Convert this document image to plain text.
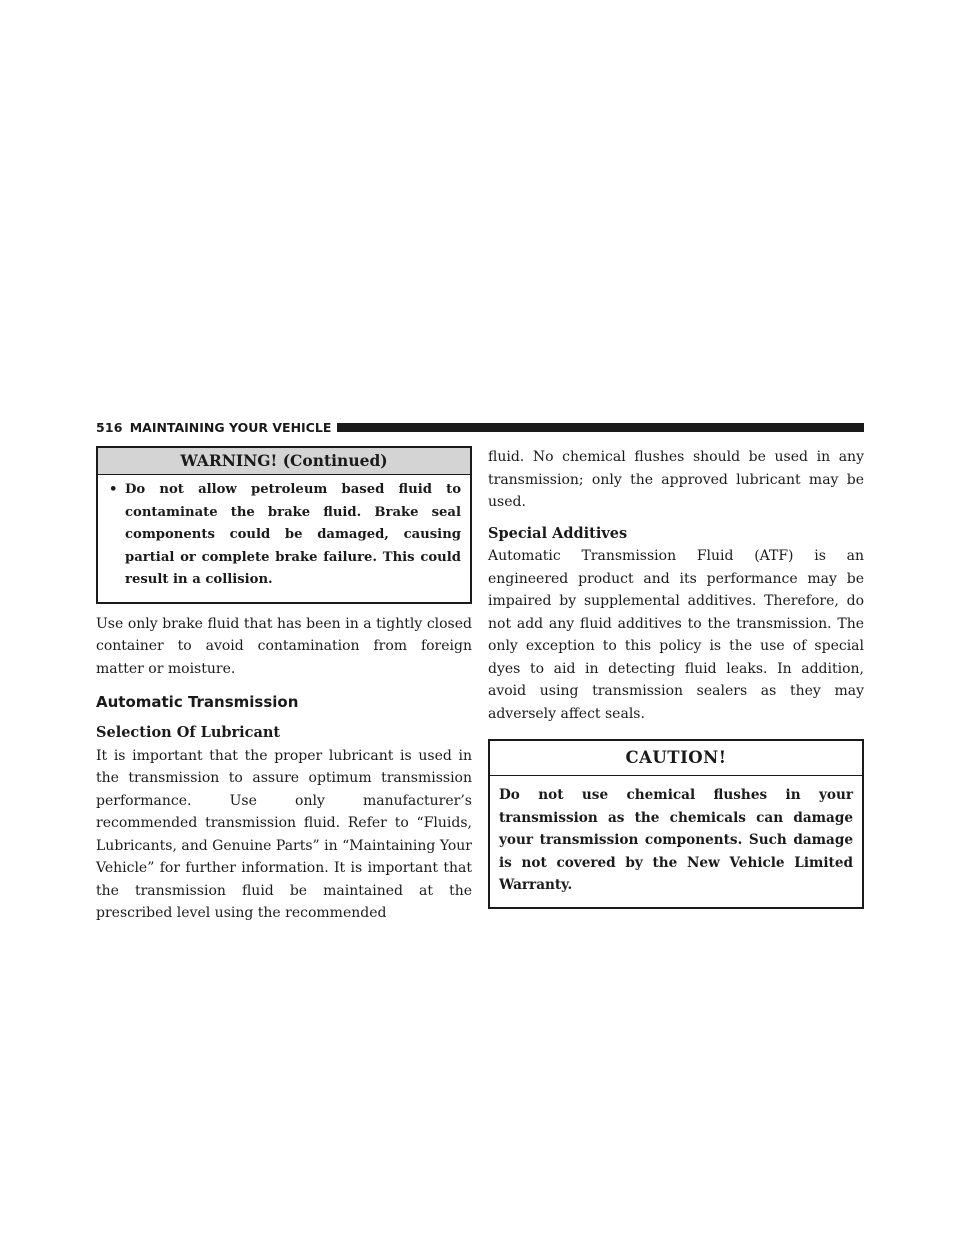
516 MAINTAINING YOUR VEHICLE
WARNING! (Continued)
• Do not allow petroleum based fluid to contaminate the brake fluid. Brake seal components could be damaged, causing partial or complete brake failure. This could result in a collision.

Use only brake fluid that has been in a tightly closed container to avoid contamination from foreign matter or moisture.

Automatic Transmission
Selection Of Lubricant

It is important that the proper lubricant is used in the transmission to assure optimum transmission performance. Use only manufacturer’s recommended transmission fluid. Refer to “Fluids, Lubricants, and Genuine Parts” in “Maintaining Your Vehicle” for further information. It is important that the transmission fluid be maintained at the prescribed level using the recommended

fluid. No chemical flushes should be used in any transmission; only the approved lubricant may be used.

Special Additives

Automatic Transmission Fluid (ATF) is an engineered product and its performance may be impaired by supplemental additives. Therefore, do not add any fluid additives to the transmission. The only exception to this policy is the use of special dyes to aid in detecting fluid leaks. In addition, avoid using transmission sealers as they may adversely affect seals.

CAUTION!
Do not use chemical flushes in your transmission as the chemicals can damage your transmission components. Such damage is not covered by the New Vehicle Limited Warranty.
